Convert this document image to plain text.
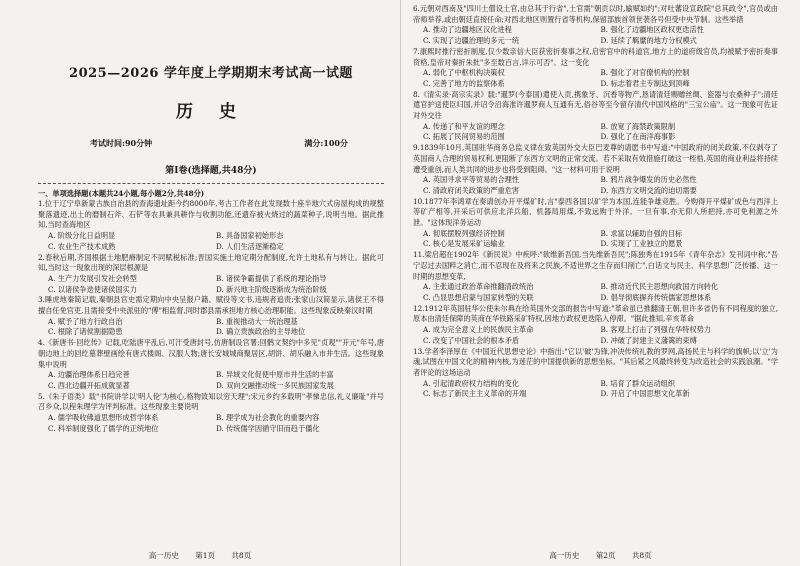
2025—2026 学年度上学期期末考试高一试题
历 史
考试时间:90分钟	满分:100分
第Ⅰ卷(选择题,共48分)
一、单项选择题(本题共24小题,每小题2分,共48分)
1.位于辽宁阜新蒙古族自治县的查海遗址距今约8000年,考古工作者在此发现数十座半地穴式房屋构成的规整聚落遗迹,出土的磨制石斧、石铲等农具兼具耕作与收割功能,还遗存被火烧过的蔬菜种子,说明当地。据此推知,当时查海地区
A. 阶级分化日益明显	B. 具备国家初始形态
C. 农业生产技术成熟	D. 人们生活逐渐稳定
2.春秋后期,齐国根据土地肥瘠制定不同赋税标准;晋国实施土地定期分配制度,允许土地私有与转让。据此可知,当时这一现象出现的深层根源是
A. 生产力发展引发社会转型	B. 诸侯争霸提供了系统的理论指导
C. 以诸侯争迭使诸侯国实力	D. 新兴地主阶级逐渐成为统治阶级
3.睡虎地秦简记载,秦朝县官史需定期向中央呈报户籍、赋役等文书,违规者追责;张家山汉简显示,诸侯王不得擅自任免官吏,且需接受中央派驻的"傅"相监督,同时郡县需承担地方核心治理职能。这些现象反映秦汉时期
A. 赋予了地方行政自治	B. 重视推动大一统治理基
C. 根除了诸侯割据隐患	D. 确立贵族政治的主导地位
4.《新唐书·回纥传》记载,吃陆唐平乱后,可汗受唐封号,仿唐制设官署;回鹘文契约中多见"贞观""开元"年号,唐朝边地上的回纥墓葬壁画绘有唐式楼阁、汉服人物;唐长安城城商聚居区,胡饼、胡乐融入市井生活。这些现象集中说明
A. 边疆治理体系日趋完善	B. 异域文化促使中原市井生活的丰富
C. 西北边疆开拓成就显著	D. 双向交融推动统一多民族国家发展
5.《朱子语类》载"书院讲学以'明人伦'为核心,格物致知以穷天理";宋元乡约多载明"孝悌忠信,礼义廉耻"并号召乡众,以程朱理学为评判标准。这些现象主要说明
A. 儒学吸收佛道思想形成哲学体系	B. 理学成为社会教化的重要内容
C. 科举制度强化了儒学的正统地位	D. 传统儒学因循守旧而趋于僵化
高一历史 第1页 共8页
6.元朝对西南及"四川土僧设土官,由总其于行省",土官需"朝贡以时,输赋如约";对吐蕃设宣政院"总其政令",官员或由帝师举荐,或由朝廷直接任命;对西北地区则置行省等机构,保留部族首领世袭各号但受中央节制。这些举措
A. 推动了边疆地区汉化进程	B. 强化了边疆地区政权更迭活性
C. 实现了边疆治理的多元一统	D. 延续了羁縻的地方分权模式
7.康熙时推行密折制度,仅少数亲信大臣获密折奏事之权,启密官中的科道官,地方上的道府级官员,均被赋予密折奏事资格,皇帝对秦折朱批"多至数百言,详示可否"。这一变化
A. 弱化了中枢机构决策权	B. 强化了对官僚机构的控制
C. 完善了地方的监察体系	D. 标志着君主专制达到顶峰
8.《清实录·高宗实录》载:"暹罗(今泰国)遣使入贡,携象牙、沉香等物产,恳请清廷赐赠丝绸、瓷器与农桑种子";清廷遣官护送使臣归国,并诏令沿海准许暹罗商人互通有无,俗谷等至今留存清代中国风格的"三宝公庙"。这一现象可佐证对外交往
A. 传递了和平友谊的理念	B. 放宽了海禁政策限制
C. 拓展了民间贸易的范围	D. 强化了在南洋海事影
9.1839年10月,英国驻华商务总监义律在致英国外交大臣巴麦尊的请愿书中写道:"中国政府的闭关政策,不仅剥夺了英国商人合理的贸易权利,更阻断了东西方文明的正常交流。若不采取有效措施打破这一桎梏,英国的商业利益将持续遭受重创,而人类共同的进步也将受到阻碍。"这一材料可用于说明
A. 英国寻求平等贸易的合理性	B. 鸦片战争爆发的历史必然性
C. 清政府闭关政策的严重危害	D. 东西方文明交流的迫切需要
10.1877年李鸿章在奏请创办开平煤矿时,言"泰西各国以矿学为本国,连能争雄竞胜。今购得开平煤矿成色与西洋上等矿产相等,开采后可供应北洋兵船、机器局用煤,不致远购于外洋。一旦有事,亦无仰人所把持,亦可免利源之外泄。"这体现洋务运动
A. 彻底摆脱列强经济控制	B. 求富以辅助自强的目标
C. 核心是发展采矿运输业	D. 实现了工业独立的愿景
11.梁启超在1902年《新民说》中疾呼:"欲维新吾国,当先维新吾民";陈独秀在1915年《青年杂志》发刊词中称,"吾宁忍过去国粹之消亡,而不忍现在及将来之民族,不适世界之生存而归削亡",白话文与民主、科学思想广泛传播、这一时期的思想变革,
A. 主张通过政治革命推翻清政统治	B. 推动近代民主思想向救国方向转化
C. 凸显思想启蒙与国家转型的关联	D. 倡导彻底摒弃传统儒家思想体系
12.1912年英国驻华公使朱尔典在给英国外交部的报告中写道:"革命虽已推翻清王朝,但许多省仍有不同程度的独立,原本由清廷保障的英商在华铁路采矿特权,因地方政权更迭陷入停滞。"据此推知,辛亥革命
A. 成为完全意义上的民族民主革命	B. 客观上打击了列强在华特权势力
C. 改变了中国社会的根本矛盾	D. 冲破了封建主义藩篱的束缚
13.学者李泽厚在《中国近代思想史论》中指出:"它以'破'为锋,冲决传统礼教的罗网,高扬民主与科学的旗帜;以'立'为魂,试图在中国文化的精神内核,为迷茫的中国提供新的思想坐标。"其后紧之风最终转变为改造社会的实践浪潮。"学者评论的这场运动
A. 引起清政府权力结构的变化	B. 培育了群众运动组织
C. 标志了新民主主义革命的开端	D. 开启了中国思想文化革新
高一历史 第2页 共8页
